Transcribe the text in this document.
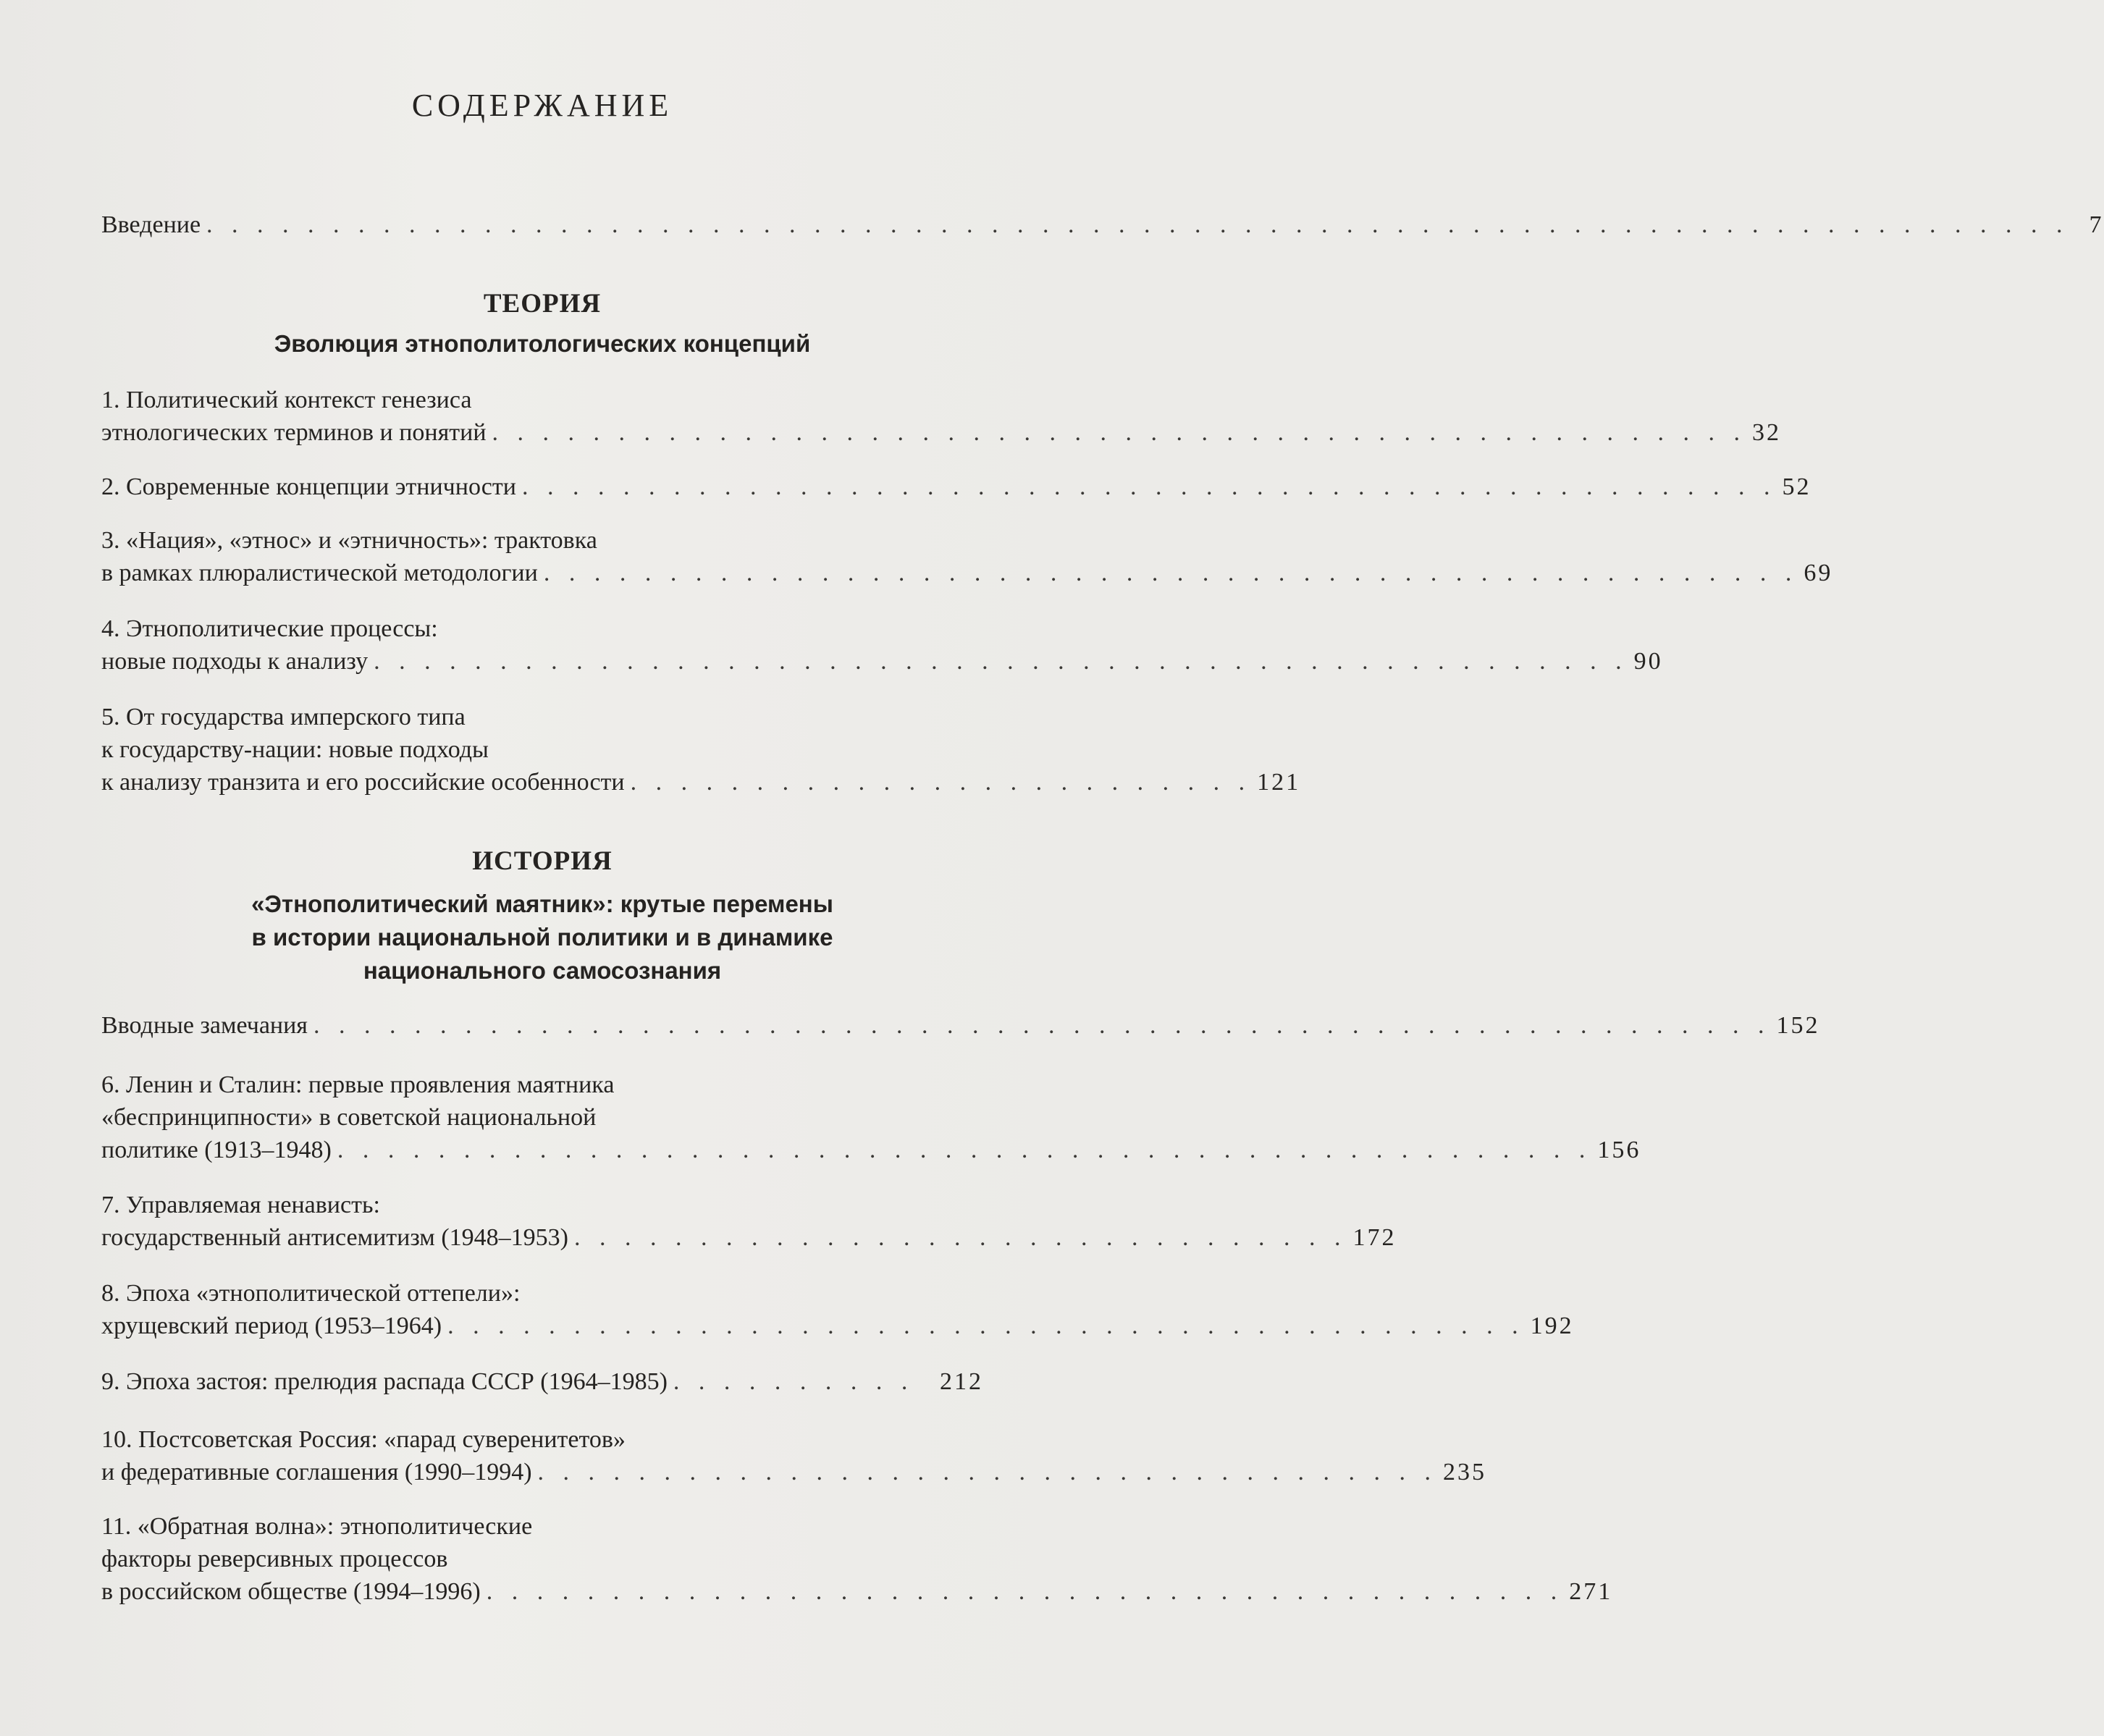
СОДЕРЖАНИЕ
Введение . . . . . . . . . . . . . . . . . . . . . . . . . . . . . . . . . . . . . . . . . . . . . . . . . . . . . . . . . . . . . . . . . . . . . . . . . . 7
ТЕОРИЯ
Эволюция этнополитологических концепций
1. Политический контекст генезиса
этнологических терминов и понятий . . . . . . . . . . . . . . . . . . . . . . . . . . . . . . . . . . . . . . . . . . . . . . . . . . 32
2. Современные концепции этничности . . . . . . . . . . . . . . . . . . . . . . . . . . . . . . . . . . . . . . . . . . . . . . . . . . 52
3. «Нация», «этнос» и «этничность»: трактовка
в рамках плюралистической методологии . . . . . . . . . . . . . . . . . . . . . . . . . . . . . . . . . . . . . . . . . . . . . . . . . . 69
4. Этнополитические процессы:
новые подходы к анализу . . . . . . . . . . . . . . . . . . . . . . . . . . . . . . . . . . . . . . . . . . . . . . . . . . 90
5. От государства имперского типа
к государству-нации: новые подходы
к анализу транзита и его российские особенности . . . . . . . . . . . . . . . . . . . . . . . . . 121
ИСТОРИЯ
«Этнополитический маятник»: крутые перемены
в истории национальной политики и в динамике
национального самосознания
Вводные замечания . . . . . . . . . . . . . . . . . . . . . . . . . . . . . . . . . . . . . . . . . . . . . . . . . . . . . . . . . . 152
6. Ленин и Сталин: первые проявления маятника
«беспринципности» в советской национальной
политике (1913–1948) . . . . . . . . . . . . . . . . . . . . . . . . . . . . . . . . . . . . . . . . . . . . . . . . . . 156
7. Управляемая ненависть:
государственный антисемитизм (1948–1953) . . . . . . . . . . . . . . . . . . . . . . . . . . . . . . . 172
8. Эпоха «этнополитической оттепели»:
хрущевский период (1953–1964) . . . . . . . . . . . . . . . . . . . . . . . . . . . . . . . . . . . . . . . . . . . 192
9. Эпоха застоя: прелюдия распада СССР (1964–1985) . . . . . . . . . .	212
10. Постсоветская Россия: «парад суверенитетов»
и федеративные соглашения (1990–1994) . . . . . . . . . . . . . . . . . . . . . . . . . . . . . . . . . . . . 235
11. «Обратная волна»: этнополитические
факторы реверсивных процессов
в российском обществе (1994–1996) . . . . . . . . . . . . . . . . . . . . . . . . . . . . . . . . . . . . . . . . . . . 271
